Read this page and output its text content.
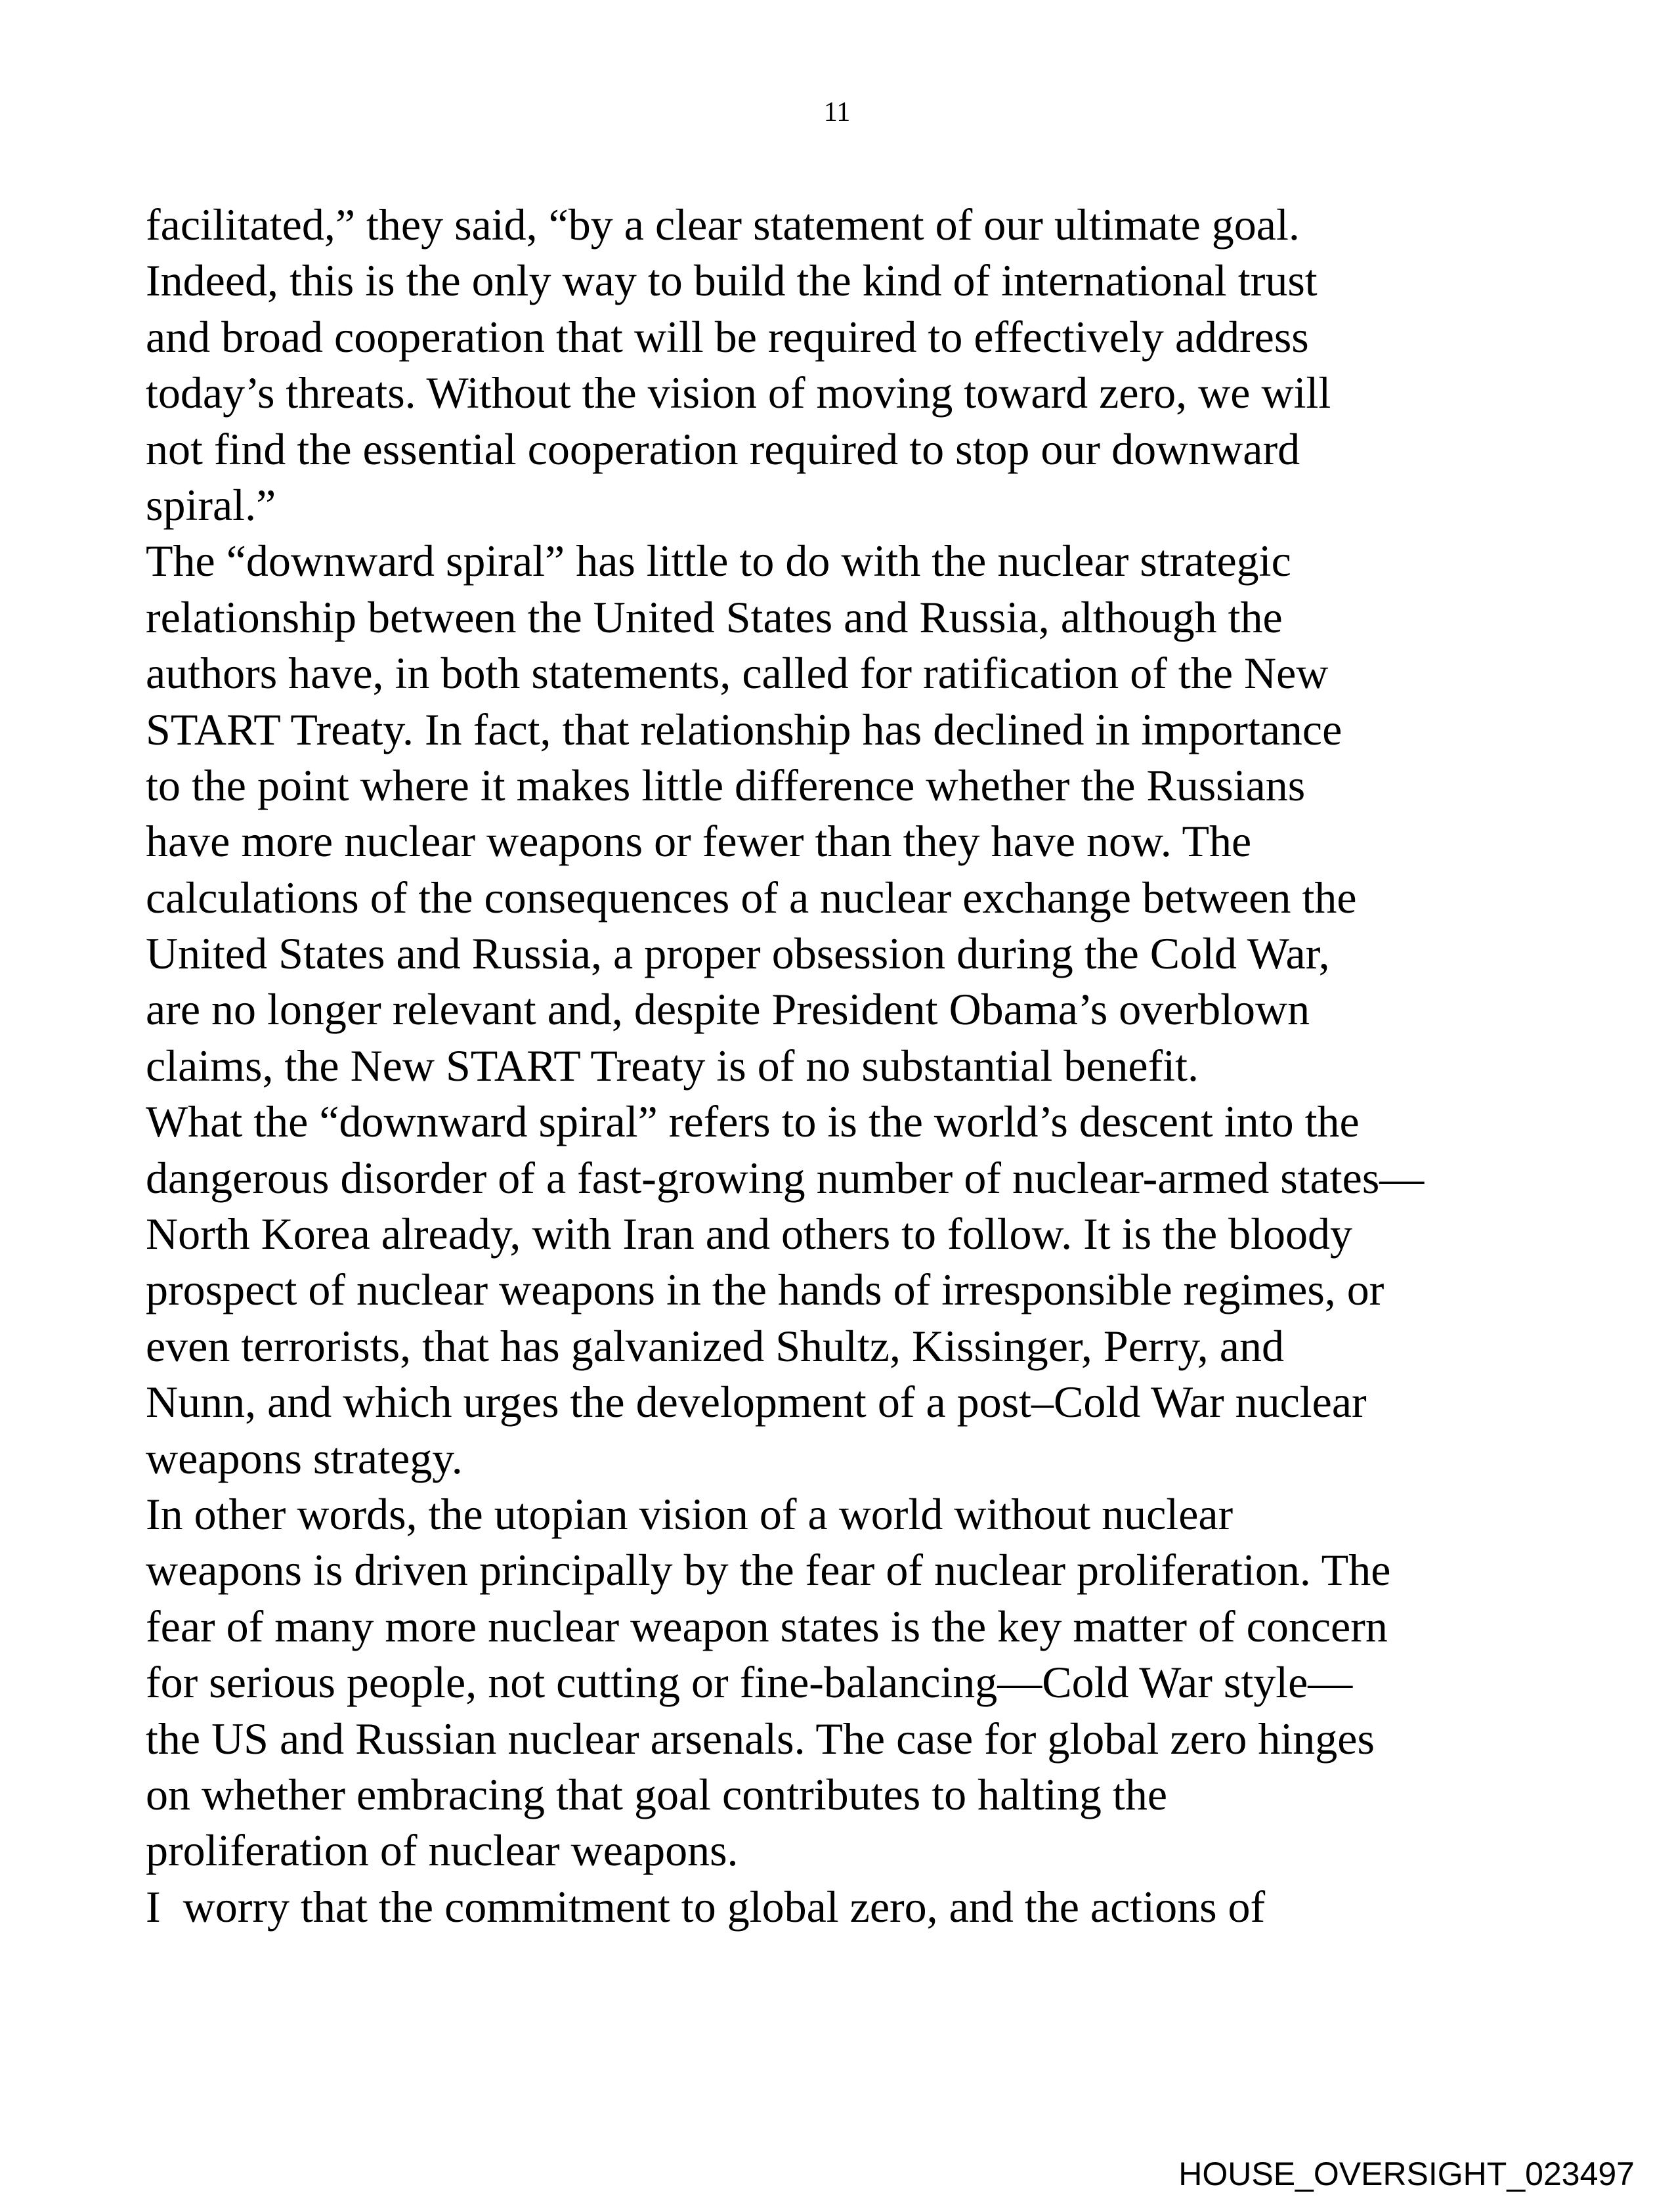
11
facilitated,” they said, “by a clear statement of our ultimate goal.
Indeed, this is the only way to build the kind of international trust
and broad cooperation that will be required to effectively address
today’s threats. Without the vision of moving toward zero, we will
not find the essential cooperation required to stop our downward
spiral.”
The “downward spiral” has little to do with the nuclear strategic
relationship between the United States and Russia, although the
authors have, in both statements, called for ratification of the New
START Treaty. In fact, that relationship has declined in importance
to the point where it makes little difference whether the Russians
have more nuclear weapons or fewer than they have now. The
calculations of the consequences of a nuclear exchange between the
United States and Russia, a proper obsession during the Cold War,
are no longer relevant and, despite President Obama’s overblown
claims, the New START Treaty is of no substantial benefit.
What the “downward spiral” refers to is the world’s descent into the
dangerous disorder of a fast-growing number of nuclear-armed states—
North Korea already, with Iran and others to follow. It is the bloody
prospect of nuclear weapons in the hands of irresponsible regimes, or
even terrorists, that has galvanized Shultz, Kissinger, Perry, and
Nunn, and which urges the development of a post–Cold War nuclear
weapons strategy.
In other words, the utopian vision of a world without nuclear
weapons is driven principally by the fear of nuclear proliferation. The
fear of many more nuclear weapon states is the key matter of concern
for serious people, not cutting or fine-balancing—Cold War style—
the US and Russian nuclear arsenals. The case for global zero hinges
on whether embracing that goal contributes to halting the
proliferation of nuclear weapons.
I  worry that the commitment to global zero, and the actions of
HOUSE_OVERSIGHT_023497
